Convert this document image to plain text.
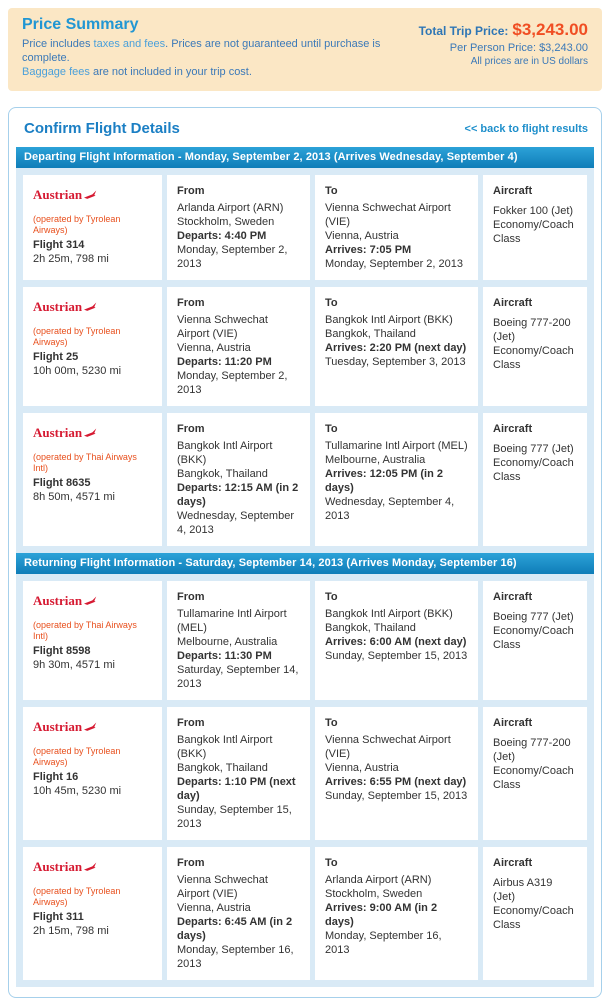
Price Summary
Price includes taxes and fees. Prices are not guaranteed until purchase is complete.
Baggage fees are not included in your trip cost.
Total Trip Price: $3,243.00
Per Person Price: $3,243.00
All prices are in US dollars
Confirm Flight Details	<< back to flight results
Departing Flight Information - Monday, September 2, 2013 (Arrives Wednesday, September 4)
Austrian
(operated by Tyrolean Airways)
Flight 314
2h 25m, 798 mi
From
Arlanda Airport (ARN)
Stockholm, Sweden
Departs: 4:40 PM
Monday, September 2, 2013
To
Vienna Schwechat Airport (VIE)
Vienna, Austria
Arrives: 7:05 PM
Monday, September 2, 2013
Aircraft
Fokker 100 (Jet)
Economy/Coach Class
Austrian
(operated by Tyrolean Airways)
Flight 25
10h 00m, 5230 mi
From
Vienna Schwechat Airport (VIE)
Vienna, Austria
Departs: 11:20 PM
Monday, September 2, 2013
To
Bangkok Intl Airport (BKK)
Bangkok, Thailand
Arrives: 2:20 PM (next day)
Tuesday, September 3, 2013
Aircraft
Boeing 777-200 (Jet)
Economy/Coach Class
Austrian
(operated by Thai Airways Intl)
Flight 8635
8h 50m, 4571 mi
From
Bangkok Intl Airport (BKK)
Bangkok, Thailand
Departs: 12:15 AM (in 2 days)
Wednesday, September 4, 2013
To
Tullamarine Intl Airport (MEL)
Melbourne, Australia
Arrives: 12:05 PM (in 2 days)
Wednesday, September 4, 2013
Aircraft
Boeing 777 (Jet)
Economy/Coach Class
Returning Flight Information - Saturday, September 14, 2013 (Arrives Monday, September 16)
Austrian
(operated by Thai Airways Intl)
Flight 8598
9h 30m, 4571 mi
From
Tullamarine Intl Airport (MEL)
Melbourne, Australia
Departs: 11:30 PM
Saturday, September 14, 2013
To
Bangkok Intl Airport (BKK)
Bangkok, Thailand
Arrives: 6:00 AM (next day)
Sunday, September 15, 2013
Aircraft
Boeing 777 (Jet)
Economy/Coach Class
Austrian
(operated by Tyrolean Airways)
Flight 16
10h 45m, 5230 mi
From
Bangkok Intl Airport (BKK)
Bangkok, Thailand
Departs: 1:10 PM (next day)
Sunday, September 15, 2013
To
Vienna Schwechat Airport (VIE)
Vienna, Austria
Arrives: 6:55 PM (next day)
Sunday, September 15, 2013
Aircraft
Boeing 777-200 (Jet)
Economy/Coach Class
Austrian
(operated by Tyrolean Airways)
Flight 311
2h 15m, 798 mi
From
Vienna Schwechat Airport (VIE)
Vienna, Austria
Departs: 6:45 AM (in 2 days)
Monday, September 16, 2013
To
Arlanda Airport (ARN)
Stockholm, Sweden
Arrives: 9:00 AM (in 2 days)
Monday, September 16, 2013
Aircraft
Airbus A319 (Jet)
Economy/Coach Class
